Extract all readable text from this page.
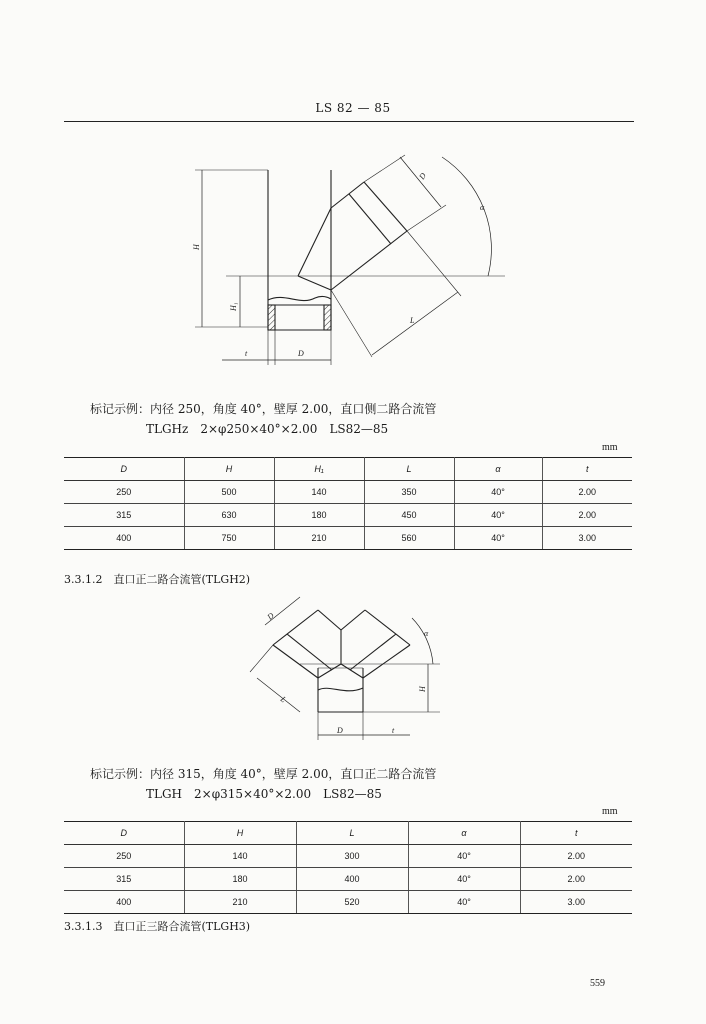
LS 82 — 85
D
α
H
H₁
L
t	D
标记示例：内径 250，角度 40°，壁厚 2.00，直口侧二路合流管
TLGHz　2×φ250×40°×2.00　LS82—85
mm
D	H	H₁	L	α	t
250	500	140	350	40°	2.00
315	630	180	450	40°	2.00
400	750	210	560	40°	3.00
3.3.1.2　直口正二路合流管(TLGH2)
D
α
L
H
D	t
标记示例：内径 315，角度 40°，壁厚 2.00，直口正二路合流管
TLGH　2×φ315×40°×2.00　LS82—85
mm
D	H	L	α	t
250	140	300	40°	2.00
315	180	400	40°	2.00
400	210	520	40°	3.00
3.3.1.3　直口正三路合流管(TLGH3)
559
